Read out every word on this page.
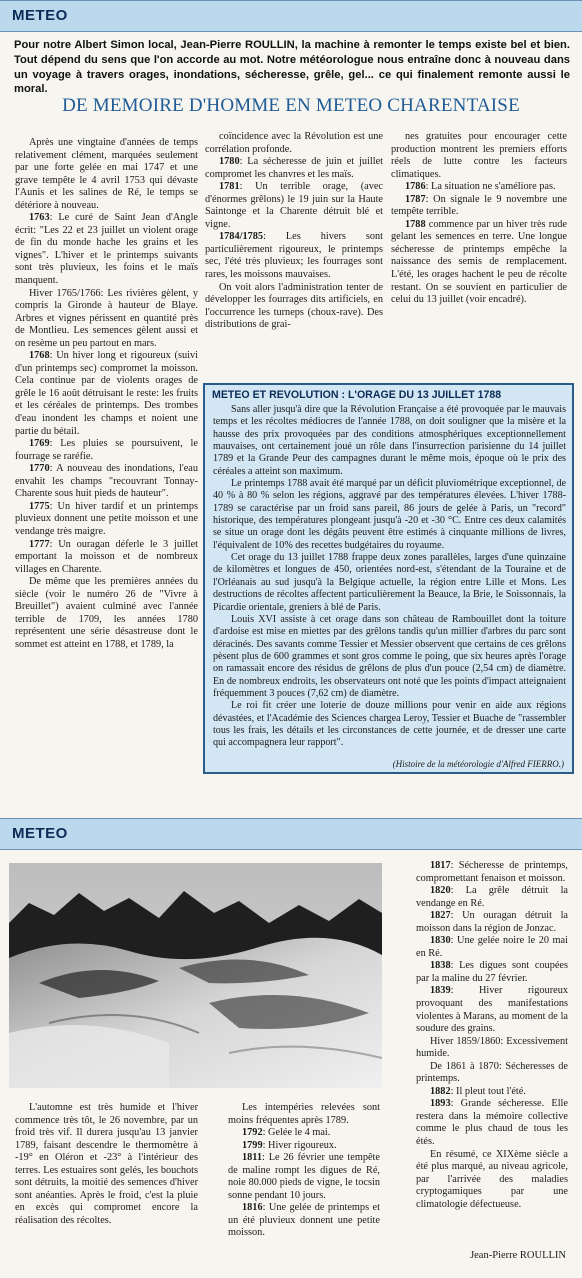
METEO
Pour notre Albert Simon local, Jean-Pierre ROULLIN, la machine à remonter le temps existe bel et bien. Tout dépend du sens que l'on accorde au mot. Notre météorologue nous entraîne donc à nouveau dans un voyage à travers orages, inondations, sécheresse, grêle, gel... ce qui finalement remonte aussi le moral.
DE MEMOIRE D'HOMME EN METEO CHARENTAISE

Après une vingtaine d'années de temps relativement clément, marquées seulement par une forte gelée en mai 1747 et une grave tempête le 4 avril 1753 qui dévaste l'Aunis et les salines de Ré, le temps se détériore à nouveau.

1763: Le curé de Saint Jean d'Angle écrit: "Les 22 et 23 juillet un violent orage de fin du monde hache les grains et les vignes". L'hiver et le printemps suivants sont très pluvieux, les foins et le maïs manquent.

Hiver 1765/1766: Les rivières gèlent, y compris la Gironde à hauteur de Blaye. Arbres et vignes périssent en quantité près de Montlieu. Les semences gèlent aussi et on resème un peu partout en mars.

1768: Un hiver long et rigoureux (suivi d'un printemps sec) compromet la moisson. Cela continue par de violents orages de grêle le 16 août détruisant le reste: les fruits et les céréales de printemps. Des trombes d'eau inondent les champs et noient une partie du bétail.

1769: Les pluies se poursuivent, le fourrage se raréfie.

1770: A nouveau des inondations, l'eau envahit les champs "recouvrant Tonnay-Charente sous huit pieds de hauteur".

1775: Un hiver tardif et un printemps pluvieux donnent une petite moisson et une vendange très maigre.

1777: Un ouragan déferle le 3 juillet emportant la moisson et de nombreux villages en Charente.

De même que les premières années du siècle (voir le numéro 26 de "Vivre à Breuillet") avaient culminé avec l'année terrible de 1709, les années 1780 représentent une série désastreuse dont le sommet est atteint en 1788, et 1789, la

coïncidence avec la Révolution est une corrélation profonde.

1780: La sécheresse de juin et juillet compromet les chanvres et les maïs.

1781: Un terrible orage, (avec d'énormes grêlons) le 19 juin sur la Haute Saintonge et la Charente détruit blé et vigne.

1784/1785: Les hivers sont particulièrement rigoureux, le printemps sec, l'été très pluvieux; les fourrages sont rares, les moissons mauvaises.

On voit alors l'administration tenter de développer les fourrages dits artificiels, en l'occurrence les turneps (choux-rave). Des distributions de grai-

nes gratuites pour encourager cette production montrent les premiers efforts réels de lutte contre les facteurs climatiques.

1786: La situation ne s'améliore pas.

1787: On signale le 9 novembre une tempête terrible.

1788 commence par un hiver très rude gelant les semences en terre. Une longue sécheresse de printemps empêche la naissance des semis de remplacement. L'été, les orages hachent le peu de récolte restant. On se souvient en particulier de celui du 13 juillet (voir encadré).

METEO ET REVOLUTION : L'ORAGE DU 13 JUILLET 1788

Sans aller jusqu'à dire que la Révolution Française a été provoquée par le mauvais temps et les récoltes médiocres de l'année 1788, on doit souligner que la misère et la hausse des prix provoquées par des conditions atmosphériques exceptionnellement mauvaises, ont certainement joué un rôle dans l'insurrection parisienne du 14 juillet 1789 et la Grande Peur des campagnes durant le même mois, époque où le prix des céréales a atteint son maximum.

Le printemps 1788 avait été marqué par un déficit pluviométrique exceptionnel, de 40 % à 80 % selon les régions, aggravé par des températures élevées. L'hiver 1788-1789 se caractérise par un froid sans pareil, 86 jours de gelée à Paris, un "record" historique, des températures plongeant jusqu'à -20 et -30 °C. Entre ces deux calamités se situe un orage dont les dégâts peuvent être estimés à cinquante millions de livres, l'équivalent de 10% des recettes budgétaires du royaume.

Cet orage du 13 juillet 1788 frappe deux zones parallèles, larges d'une quinzaine de kilomètres et longues de 450, orientées nord-est, s'étendant de la Touraine et de l'Orléanais au sud jusqu'à la Belgique actuelle, la région entre Lille et Mons. Les destructions de récoltes affectent particulièrement la Beauce, la Brie, le Soissonnais, la Picardie orientale, greniers à blé de Paris.

Louis XVI assiste à cet orage dans son château de Rambouillet dont la toiture d'ardoise est mise en miettes par des grêlons tandis qu'un millier d'arbres du parc sont déracinés. Des savants comme Tessier et Messier observent que certains de ces grêlons pèsent plus de 600 grammes et sont gros comme le poing, que six heures après l'orage on ramassait encore des résidus de grêlons de plus d'un pouce (2,54 cm) de diamètre. En de nombreux endroits, les observateurs ont noté que les points d'impact atteignaient fréquemment 3 pouces (7,62 cm) de diamètre.

Le roi fit créer une loterie de douze millions pour venir en aide aux régions dévastées, et l'Académie des Sciences chargea Leroy, Tessier et Buache de "rassembler tous les frais, les détails et les circonstances de cette journée, et de dresser une carte qui accompagnera leur rapport".

(Histoire de la météorologie d'Alfred FIERRO.)
METEO

L'automne est très humide et l'hiver commence très tôt, le 26 novembre, par un froid très vif. Il durera jusqu'au 13 janvier 1789, faisant descendre le thermomètre à -19° en Oléron et -23° à l'intérieur des terres. Les estuaires sont gelés, les bouchots sont détruits, la moitié des semences d'hiver sont anéanties. Après le froid, c'est la pluie en excès qui compromet encore la réalisation des récoltes.

Les intempéries relevées sont moins fréquentes après 1789.

1792: Gelée le 4 mai.

1799: Hiver rigoureux.

1811: Le 26 février une tempête de maline rompt les digues de Ré, noie 80.000 pieds de vigne, le tocsin sonne pendant 10 jours.

1816: Une gelée de printemps et un été pluvieux donnent une petite moisson.

1817: Sécheresse de printemps, compromettant fenaison et moisson.

1820: La grêle détruit la vendange en Ré.

1827: Un ouragan détruit la moisson dans la région de Jonzac.

1830: Une gelée noire le 20 mai en Ré.

1838: Les digues sont coupées par la maline du 27 février.

1839: Hiver rigoureux provoquant des manifestations violentes à Marans, au moment de la soudure des grains.

Hiver 1859/1860: Excessivement humide.

De 1861 à 1870: Sécheresses de printemps.

1882: Il pleut tout l'été.

1893: Grande sécheresse. Elle restera dans la mémoire collective comme le plus chaud de tous les étés.

En résumé, ce XIXème siècle a été plus marqué, au niveau agricole, par l'arrivée des maladies cryptogamiques par une climatologie défectueuse.

Jean-Pierre ROULLIN
